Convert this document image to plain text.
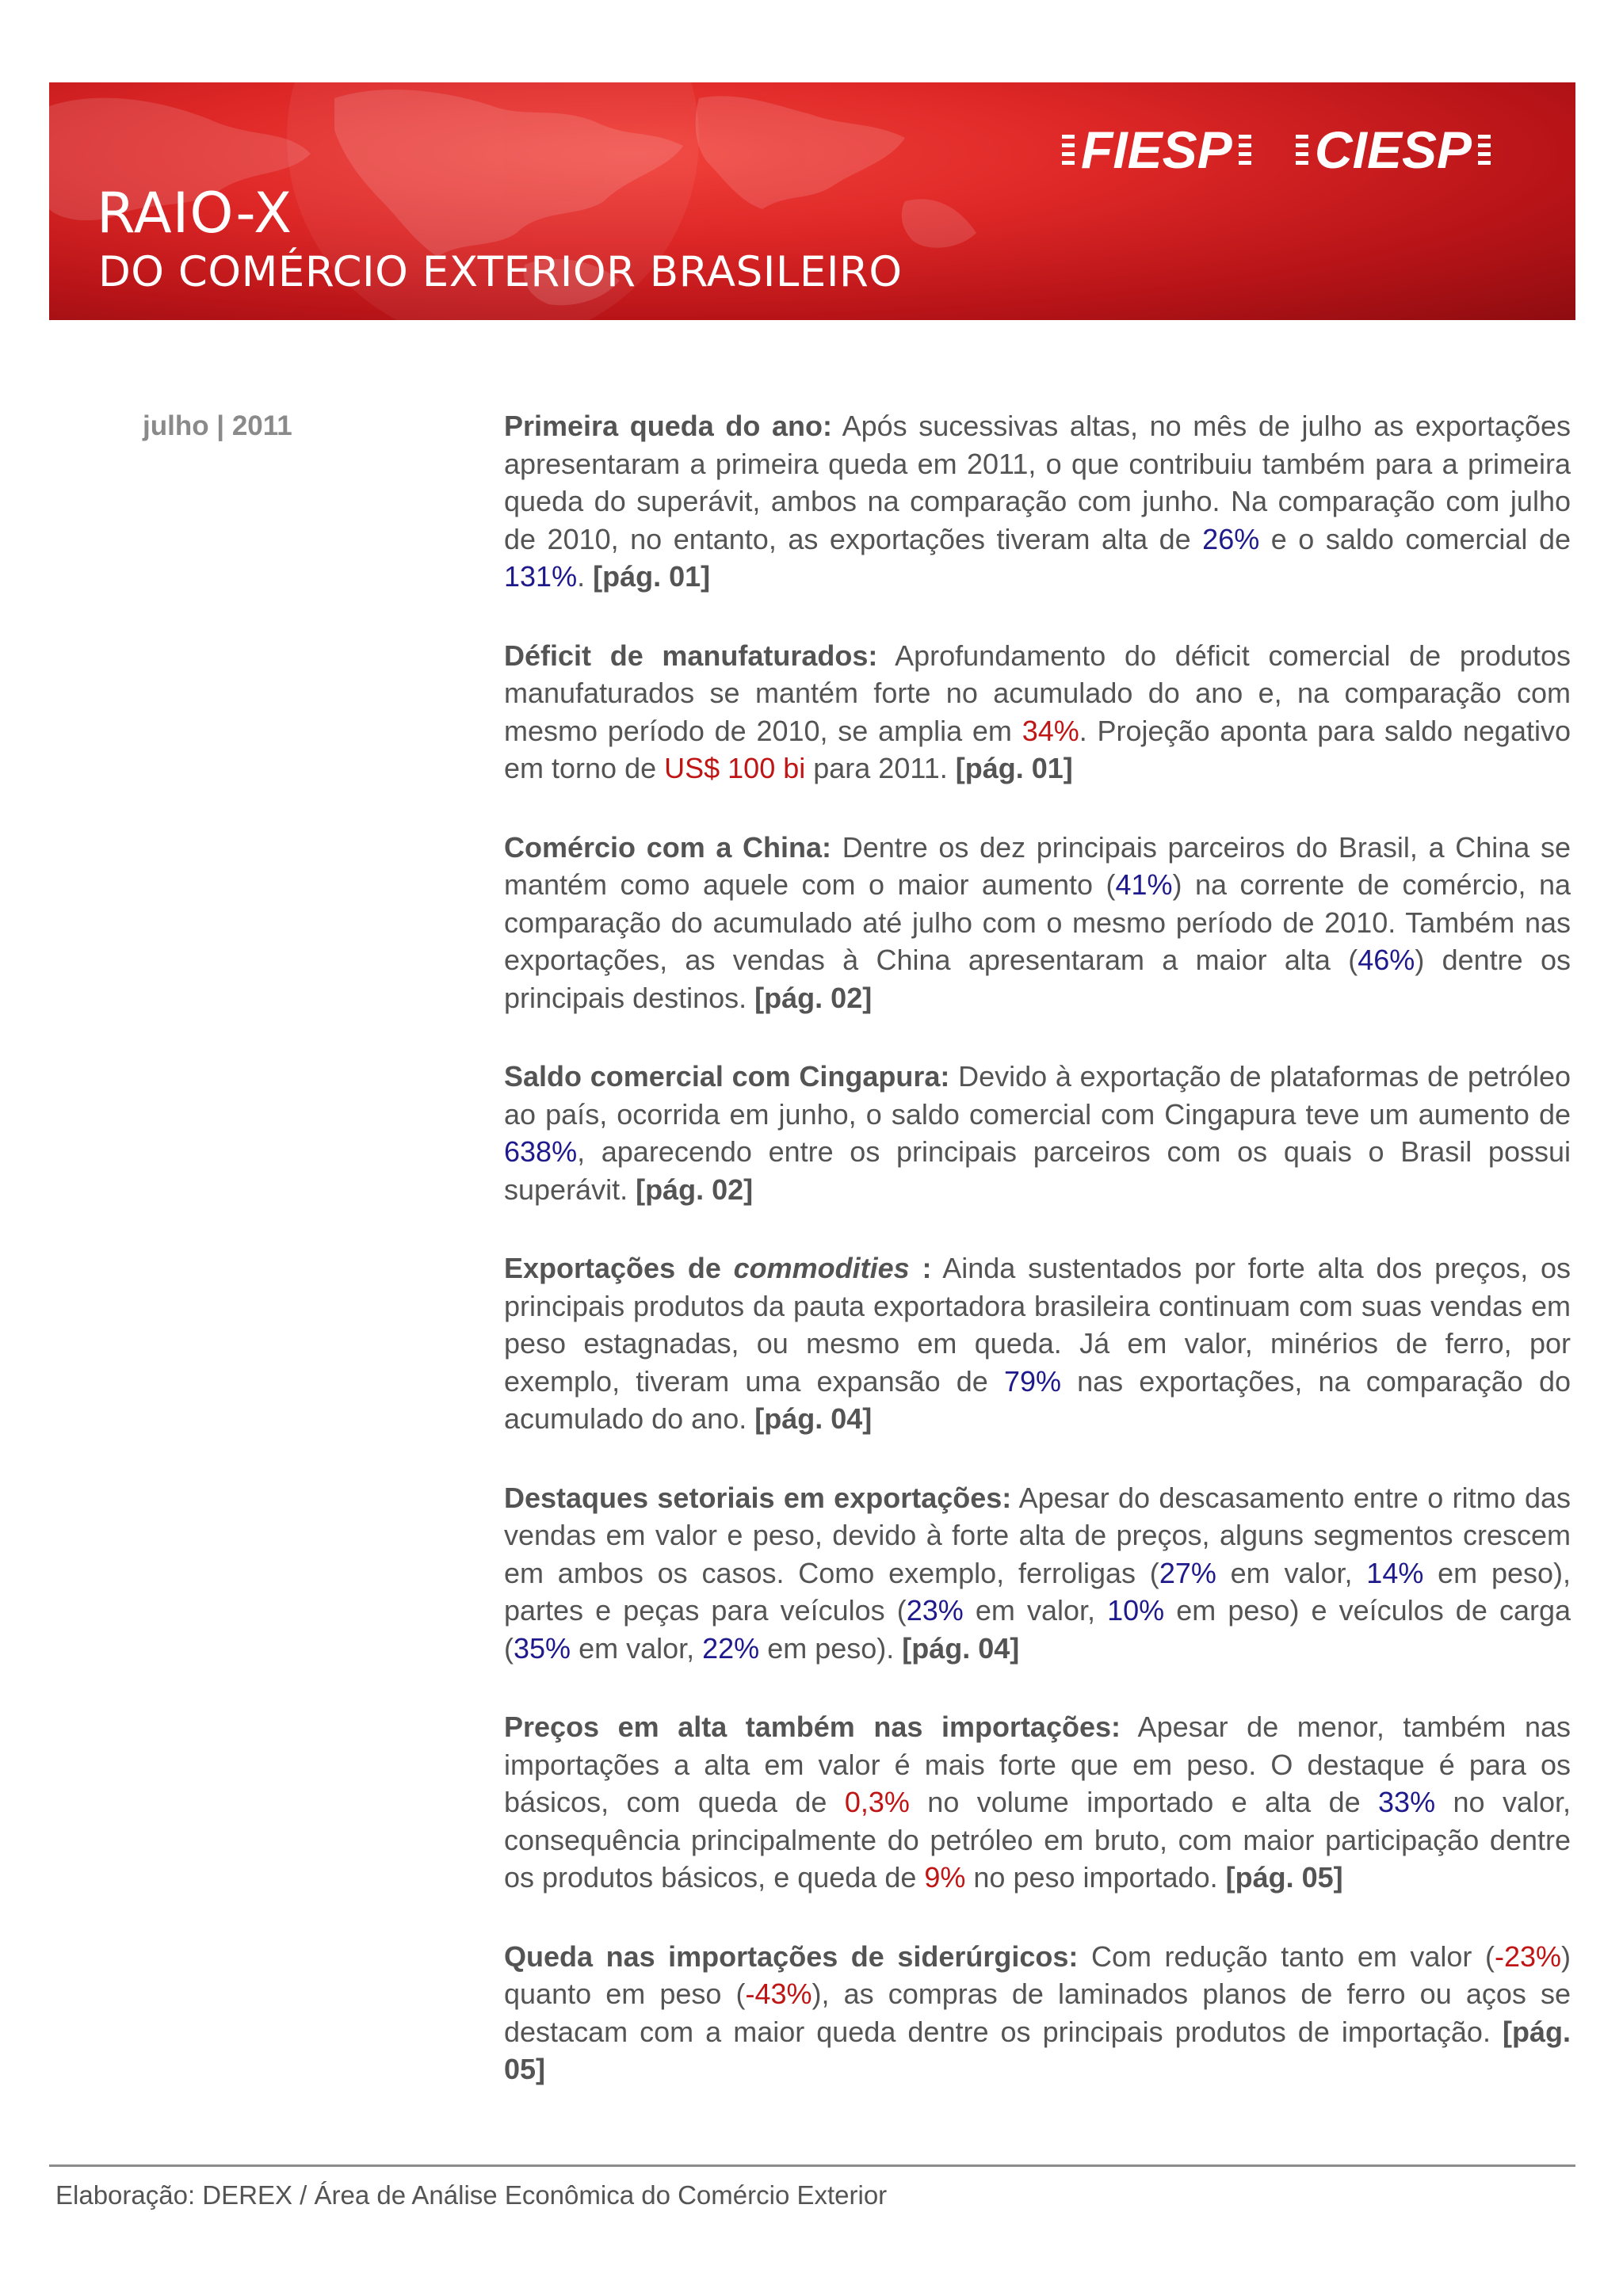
FIESP CIESP
RAIO-X
DO COMÉRCIO EXTERIOR BRASILEIRO
julho | 2011	Primeira queda do ano: Após sucessivas altas, no mês de julho as exportações apresentaram a primeira queda em 2011, o que contribuiu também para a primeira queda do superávit, ambos na comparação com junho. Na comparação com julho de 2010, no entanto, as exportações tiveram alta de 26% e o saldo comercial de 131%. [pág. 01]

Déficit de manufaturados: Aprofundamento do déficit comercial de produtos manufaturados se mantém forte no acumulado do ano e, na comparação com mesmo período de 2010, se amplia em 34%. Projeção aponta para saldo negativo em torno de US$ 100 bi para 2011. [pág. 01]

Comércio com a China: Dentre os dez principais parceiros do Brasil, a China se mantém como aquele com o maior aumento (41%) na corrente de comércio, na comparação do acumulado até julho com o mesmo período de 2010. Também nas exportações, as vendas à China apresentaram a maior alta (46%) dentre os principais destinos. [pág. 02]

Saldo comercial com Cingapura: Devido à exportação de plataformas de petróleo ao país, ocorrida em junho, o saldo comercial com Cingapura teve um aumento de 638%, aparecendo entre os principais parceiros com os quais o Brasil possui superávit. [pág. 02]

Exportações de commodities : Ainda sustentados por forte alta dos preços, os principais produtos da pauta exportadora brasileira continuam com suas vendas em peso estagnadas, ou mesmo em queda. Já em valor, minérios de ferro, por exemplo, tiveram uma expansão de 79% nas exportações, na comparação do acumulado do ano. [pág. 04]

Destaques setoriais em exportações: Apesar do descasamento entre o ritmo das vendas em valor e peso, devido à forte alta de preços, alguns segmentos crescem em ambos os casos. Como exemplo, ferroligas (27% em valor, 14% em peso), partes e peças para veículos (23% em valor, 10% em peso) e veículos de carga (35% em valor, 22% em peso). [pág. 04]

Preços em alta também nas importações: Apesar de menor, também nas importações a alta em valor é mais forte que em peso. O destaque é para os básicos, com queda de 0,3% no volume importado e alta de 33% no valor, consequência principalmente do petróleo em bruto, com maior participação dentre os produtos básicos, e queda de 9% no peso importado. [pág. 05]

Queda nas importações de siderúrgicos: Com redução tanto em valor (-23%) quanto em peso (-43%), as compras de laminados planos de ferro ou aços se destacam com a maior queda dentre os principais produtos de importação. [pág. 05]

Elaboração: DEREX / Área de Análise Econômica do Comércio Exterior
